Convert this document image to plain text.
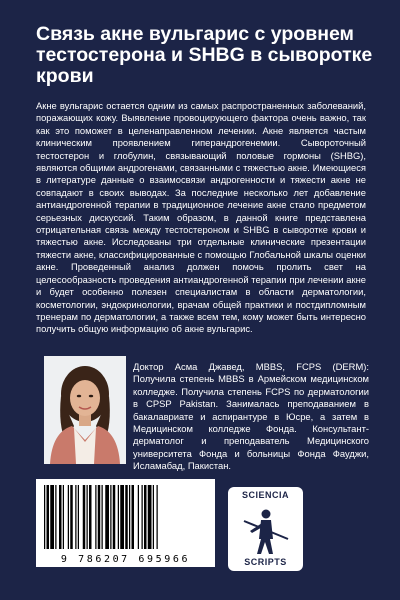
Связь акне вульгарис с уровнем тестостерона и SHBG в сыворотке крови

Акне вульгарис остается одним из самых распространенных заболеваний, поражающих кожу. Выявление провоцирующего фактора очень важно, так как это поможет в целенаправленном лечении. Акне является частым клиническим проявлением гиперандрогенемии. Сывороточный тестостерон и глобулин, связывающий половые гормоны (SHBG), являются общими андрогенами, связанными с тяжестью акне. Имеющиеся в литературе данные о взаимосвязи андрогенности и тяжести акне не совпадают в своих выводах. За последние несколько лет добавление антиандрогенной терапии в традиционное лечение акне стало предметом серьезных дискуссий. Таким образом, в данной книге представлена отрицательная связь между тестостероном и SHBG в сыворотке крови и тяжестью акне. Исследованы три отдельные клинические презентации тяжести акне, классифицированные с помощью Глобальной шкалы оценки акне. Проведенный анализ должен помочь пролить свет на целесообразность проведения антиандрогенной терапии при лечении акне и будет особенно полезен специалистам в области дерматологии, косметологии, эндокринологии, врачам общей практики и постдипломным тренерам по дерматологии, а также всем тем, кому может быть интересно получить общую информацию об акне вульгарис.

Доктор Асма Джавед, MBBS, FCPS (DERM): Получила степень MBBS в Армейском медицинском колледже. Получила степень FCPS по дерматологии в CPSP Pakistan. Занималась преподаванием в бакалавриате и аспирантуре в Юсре, а затем в Медицинском колледже Фонда. Консультант-дерматолог и преподаватель Медицинского университета Фонда и больницы Фонда Фауджи, Исламабад, Пакистан.

9 786207 695966
SCIENCIA
SCRIPTS
